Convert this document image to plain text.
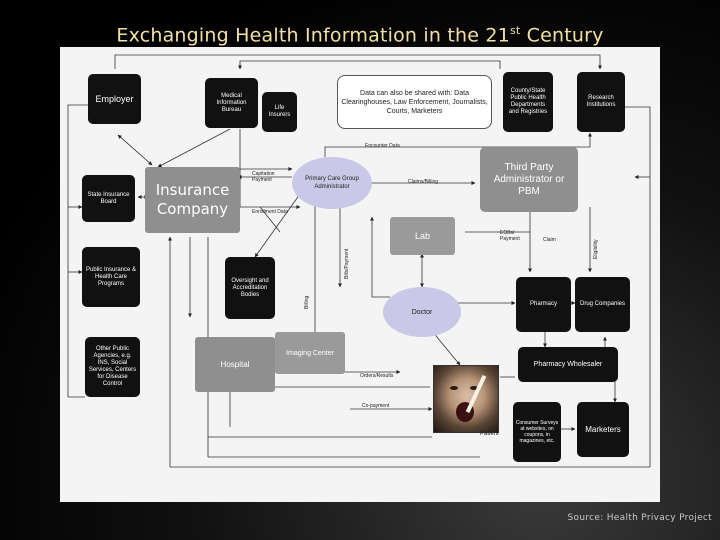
Exchanging Health Information in the 21st Century
Employer	Medical Information Bureau	Life Insurers
Data can also be shared with: Data Clearinghouses, Law Enforcement, Journalists, Courts, Marketers
County/State Public Health Departments and Registries
Research Institutions
State Insurance Board
Insurance Company
Primary Care Group Administrator
Third Party Administrator or PBM
Lab
Public Insurance & Health Care Programs	Oversight and Accreditation Bodies
Doctor
Pharmacy	Drug Companies
Other Public Agencies, e.g. INS, Social Services, Centers for Disease Control
Hospital
Imaging Center
Pharmacy Wholesaler
Consumer Surveys at websites, on coupons, in magazines, etc.
Marketers
Patient
Encounter Data
Capitation Payment
Enrollment Data
Claims/Billing
Billing
Bills/Payment
EOBs/ Payment	Claim	Eligibility
Orders/Results
Co-payment
Source: Health Privacy Project
